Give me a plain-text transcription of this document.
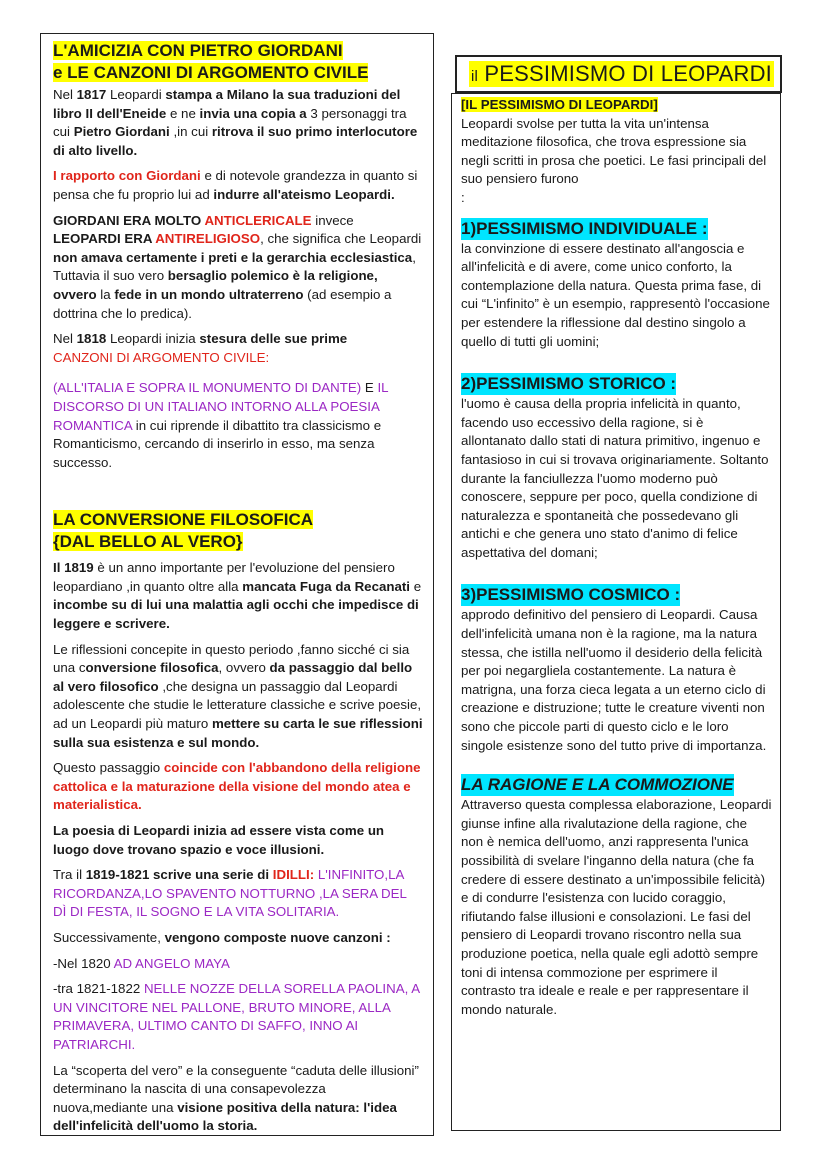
L'AMICIZIA CON PIETRO GIORDANI
e LE CANZONI DI ARGOMENTO CIVILE

Nel 1817 Leopardi stampa a Milano la sua traduzioni del libro II dell'Eneide e ne invia una copia a 3 personaggi tra cui Pietro Giordani ,in cui ritrova il suo primo interlocutore di alto livello.

I rapporto con Giordani e di notevole grandezza in quanto si pensa che fu proprio lui ad indurre all'ateismo Leopardi.

GIORDANI ERA MOLTO ANTICLERICALE invece LEOPARDI ERA ANTIRELIGIOSO, che significa che Leopardi non amava certamente i preti e la gerarchia ecclesiastica, Tuttavia il suo vero bersaglio polemico è la religione, ovvero la fede in un mondo ultraterreno (ad esempio a dottrina che lo predica).

Nel 1818 Leopardi inizia stesura delle sue prime
CANZONI DI ARGOMENTO CIVILE:

(ALL'ITALIA E SOPRA IL MONUMENTO DI DANTE) E IL DISCORSO DI UN ITALIANO INTORNO ALLA POESIA ROMANTICA in cui riprende il dibattito tra classicismo e Romanticismo, cercando di inserirlo in esso, ma senza successo.

LA CONVERSIONE FILOSOFICA
{DAL BELLO AL VERO}

Il 1819 è un anno importante per l'evoluzione del pensiero leopardiano ,in quanto oltre alla mancata Fuga da Recanati e incombe su di lui una malattia agli occhi che impedisce di leggere e scrivere.

Le riflessioni concepite in questo periodo ,fanno sicché ci sia una conversione filosofica, ovvero da passaggio dal bello al vero filosofico ,che designa un passaggio dal Leopardi adolescente che studie le letterature classiche e scrive poesie, ad un Leopardi più maturo mettere su carta le sue riflessioni sulla sua esistenza e sul mondo.

Questo passaggio coincide con l'abbandono della religione cattolica e la maturazione della visione del mondo atea e materialistica.

La poesia di Leopardi inizia ad essere vista come un luogo dove trovano spazio e voce illusioni.

Tra il 1819-1821 scrive una serie di IDILLI: L'INFINITO,LA RICORDANZA,LO SPAVENTO NOTTURNO ,LA SERA DEL DÌ DI FESTA, IL SOGNO E LA VITA SOLITARIA.

Successivamente, vengono composte nuove canzoni :

-Nel 1820 AD ANGELO MAYA

-tra 1821-1822 NELLE NOZZE DELLA SORELLA PAOLINA, A UN VINCITORE NEL PALLONE, BRUTO MINORE, ALLA PRIMAVERA, ULTIMO CANTO DI SAFFO, INNO AI PATRIARCHI.

La “scoperta del vero” e la conseguente “caduta delle illusioni” determinano la nascita di una consapevolezza nuova,mediante una visione positiva della natura: l'idea dell'infelicità dell'uomo la storia.

il PESSIMISMO DI LEOPARDI

[IL PESSIMISMO DI LEOPARDI]
Leopardi svolse per tutta la vita un'intensa meditazione filosofica, che trova espressione sia negli scritti in prosa che poetici. Le fasi principali del suo pensiero furono
:

1)PESSIMISMO INDIVIDUALE :

la convinzione di essere destinato all'angoscia e all'infelicità e di avere, come unico conforto, la contemplazione della natura. Questa prima fase, di cui “L'infinito” è un esempio, rappresentò l'occasione per estendere la riflessione dal destino singolo a quello di tutti gli uomini;

2)PESSIMISMO STORICO :

l'uomo è causa della propria infelicità in quanto, facendo uso eccessivo della ragione, si è allontanato dallo stati di natura primitivo, ingenuo e fantasioso in cui si trovava originariamente. Soltanto durante la fanciullezza l'uomo moderno può conoscere, seppure per poco, quella condizione di naturalezza e spontaneità che possedevano gli antichi e che genera uno stato d'animo di felice aspettativa del domani;

3)PESSIMISMO COSMICO :

approdo definitivo del pensiero di Leopardi. Causa dell'infelicità umana non è la ragione, ma la natura stessa, che istilla nell'uomo il desiderio della felicità per poi negargliela costantemente. La natura è matrigna, una forza cieca legata a un eterno ciclo di creazione e distruzione; tutte le creature viventi non sono che piccole parti di questo ciclo e le loro singole esistenze sono del tutto prive di importanza.

LA RAGIONE E LA COMMOZIONE

Attraverso questa complessa elaborazione, Leopardi giunse infine alla rivalutazione della ragione, che non è nemica dell'uomo, anzi rappresenta l'unica possibilità di svelare l'inganno della natura (che fa credere di essere destinato a un'impossibile felicità) e di condurre l'esistenza con lucido coraggio, rifiutando false illusioni e consolazioni. Le fasi del pensiero di Leopardi trovano riscontro nella sua produzione poetica, nella quale egli adottò sempre toni di intensa commozione per esprimere il contrasto tra ideale e reale e per rappresentare il mondo naturale.
